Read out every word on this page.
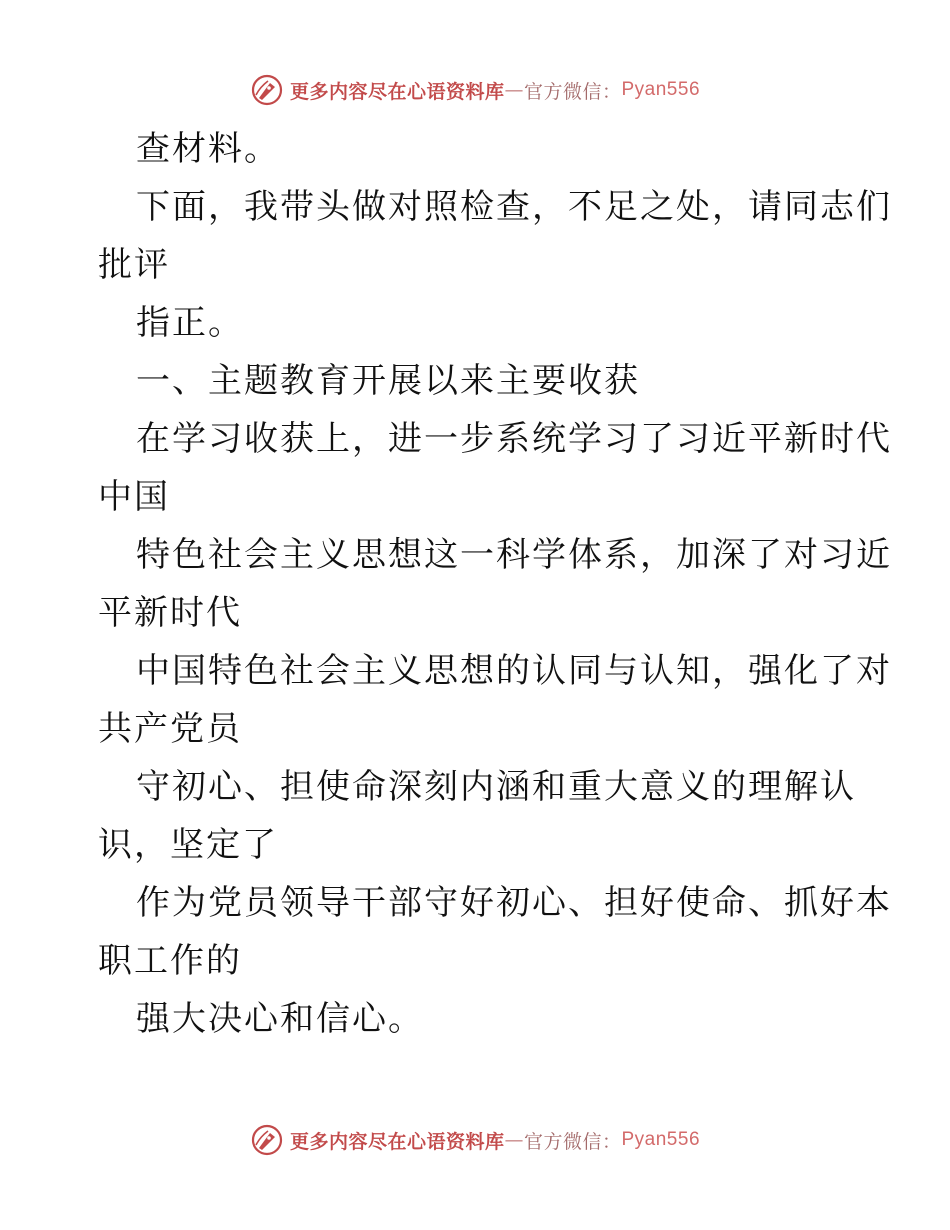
更多内容尽在心语资料库 — 官方微信： Pyan556
查材料。
下面，我带头做对照检查，不足之处，请同志们
批评
指正。
一、主题教育开展以来主要收获
在学习收获上，进一步系统学习了习近平新时代
中国
特色社会主义思想这一科学体系，加深了对习近
平新时代
中国特色社会主义思想的认同与认知，强化了对
共产党员
守初心、担使命深刻内涵和重大意义的理解认
识，坚定了
作为党员领导干部守好初心、担好使命、抓好本
职工作的
强大决心和信心。
更多内容尽在心语资料库 — 官方微信： Pyan556
